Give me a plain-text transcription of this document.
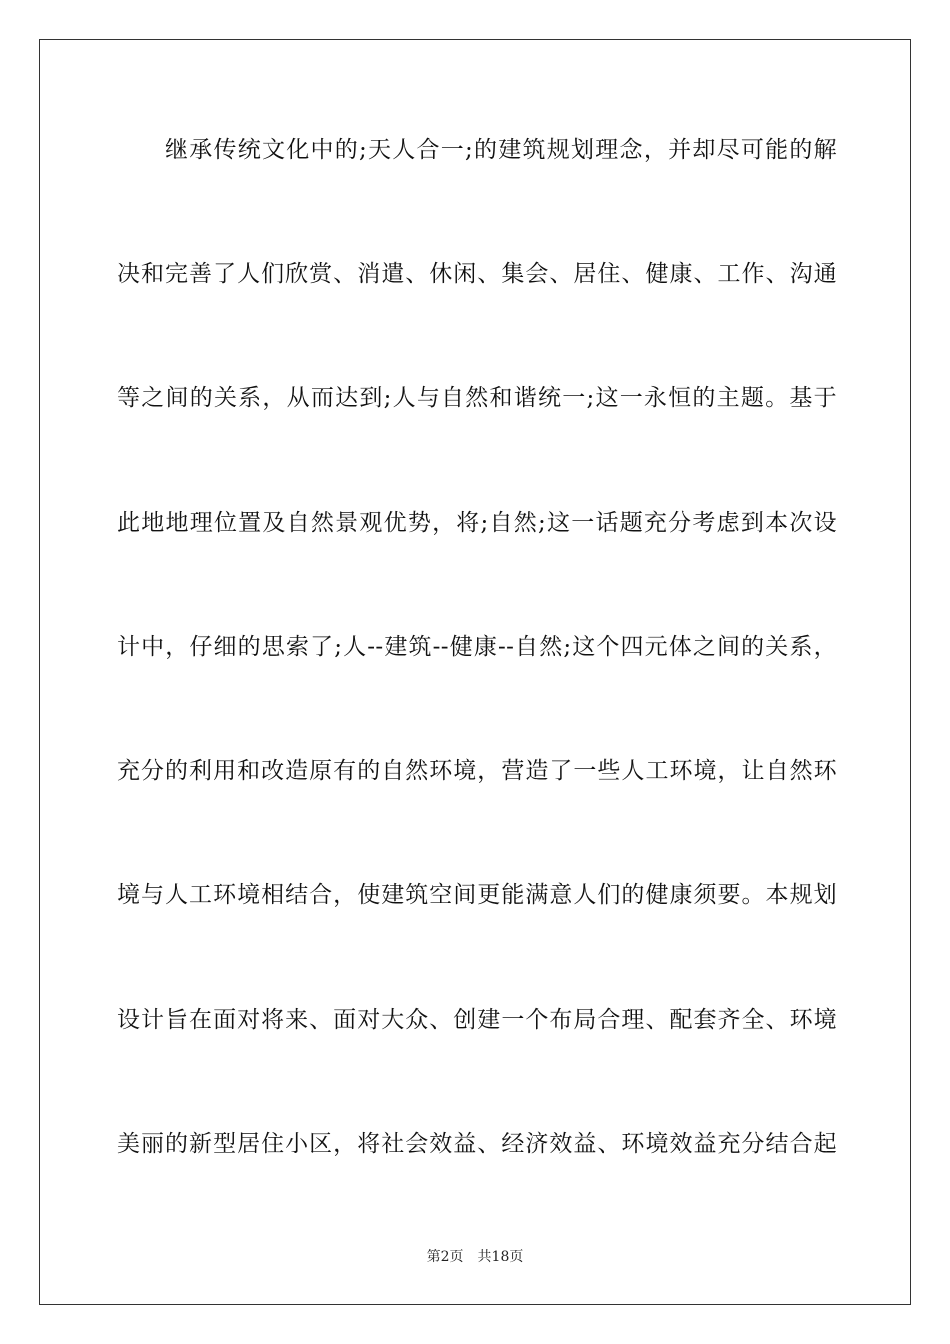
继承传统文化中的;天人合一;的建筑规划理念，并却尽可能的解
决和完善了人们欣赏、消遣、休闲、集会、居住、健康、工作、沟通
等之间的关系，从而达到;人与自然和谐统一;这一永恒的主题。基于
此地地理位置及自然景观优势，将;自然;这一话题充分考虑到本次设
计中，仔细的思索了;人--建筑--健康--自然;这个四元体之间的关系，
充分的利用和改造原有的自然环境，营造了一些人工环境，让自然环
境与人工环境相结合，使建筑空间更能满意人们的健康须要。本规划
设计旨在面对将来、面对大众、创建一个布局合理、配套齐全、环境
美丽的新型居住小区，将社会效益、经济效益、环境效益充分结合起
第2页　共18页
